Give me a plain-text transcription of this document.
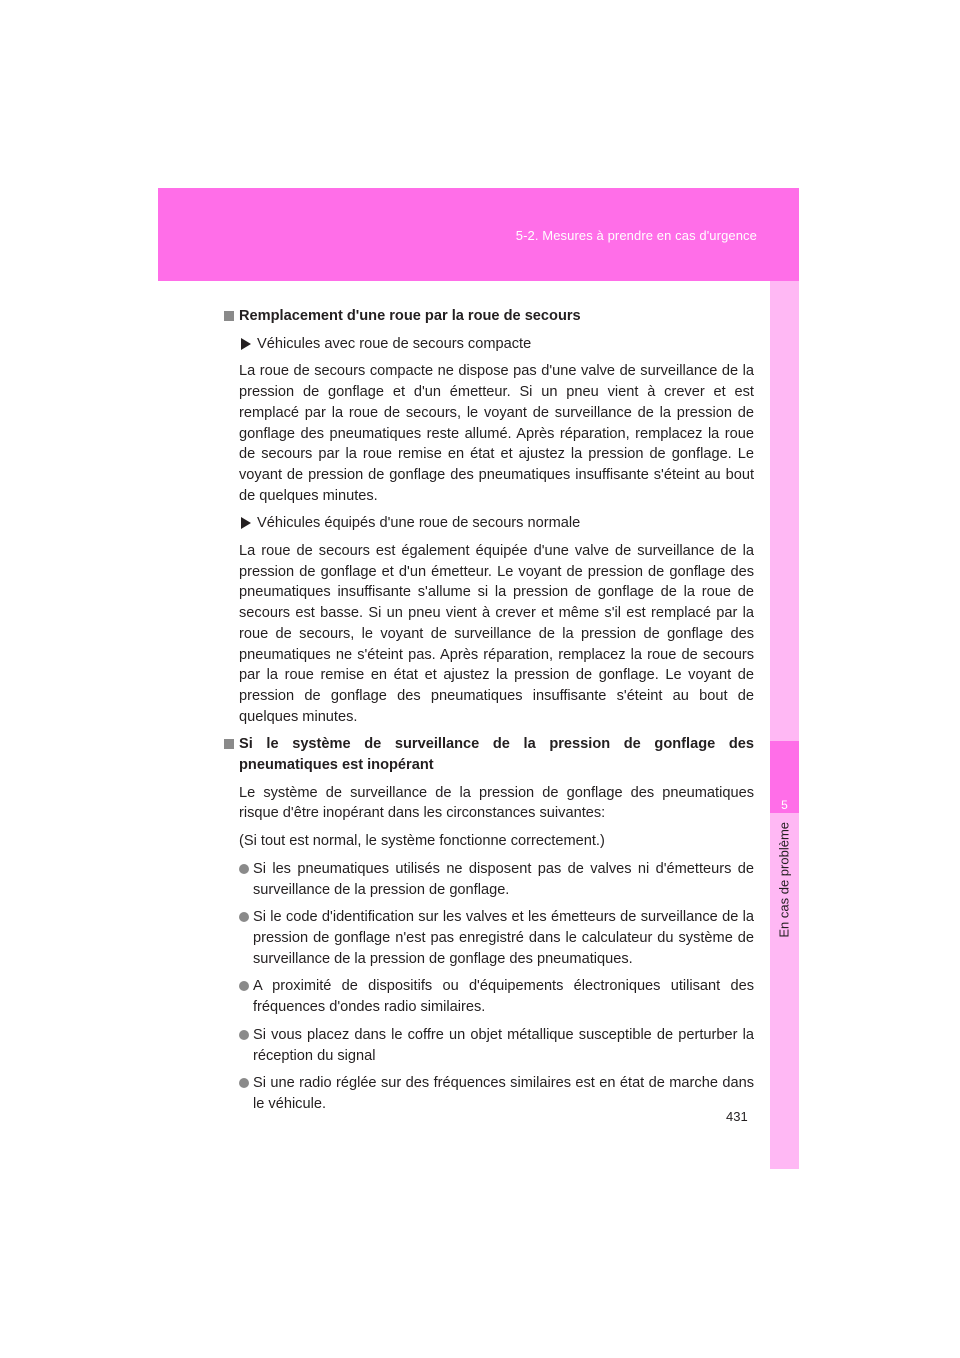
5-2. Mesures à prendre en cas d'urgence
5
En cas de problème
Remplacement d'une roue par la roue de secours
Véhicules avec roue de secours compacte

La roue de secours compacte ne dispose pas d'une valve de surveillance de la pression de gonflage et d'un émetteur. Si un pneu vient à crever et est remplacé par la roue de secours, le voyant de surveillance de la pression de gonflage des pneumatiques reste allumé. Après réparation, remplacez la roue de secours par la roue remise en état et ajustez la pression de gonflage. Le voyant de pression de gonflage des pneumatiques insuffisante s'éteint au bout de quelques minutes.

Véhicules équipés d'une roue de secours normale

La roue de secours est également équipée d'une valve de surveillance de la pression de gonflage et d'un émetteur. Le voyant de pression de gonflage des pneumatiques insuffisante s'allume si la pression de gonflage de la roue de secours est basse. Si un pneu vient à crever et même s'il est remplacé par la roue de secours, le voyant de surveillance de la pression de gonflage des pneumatiques ne s'éteint pas. Après réparation, remplacez la roue de secours par la roue remise en état et ajustez la pression de gonflage. Le voyant de pression de gonflage des pneumatiques insuffisante s'éteint au bout de quelques minutes.

Si le système de surveillance de la pression de gonflage des pneumatiques est inopérant

Le système de surveillance de la pression de gonflage des pneumatiques risque d'être inopérant dans les circonstances suivantes:

(Si tout est normal, le système fonctionne correctement.)

Si les pneumatiques utilisés ne disposent pas de valves ni d'émetteurs de surveillance de la pression de gonflage.
Si le code d'identification sur les valves et les émetteurs de surveillance de la pression de gonflage n'est pas enregistré dans le calculateur du système de surveillance de la pression de gonflage des pneumatiques.
A proximité de dispositifs ou d'équipements électroniques utilisant des fréquences d'ondes radio similaires.
Si vous placez dans le coffre un objet métallique susceptible de perturber la réception du signal
Si une radio réglée sur des fréquences similaires est en état de marche dans le véhicule.
431
